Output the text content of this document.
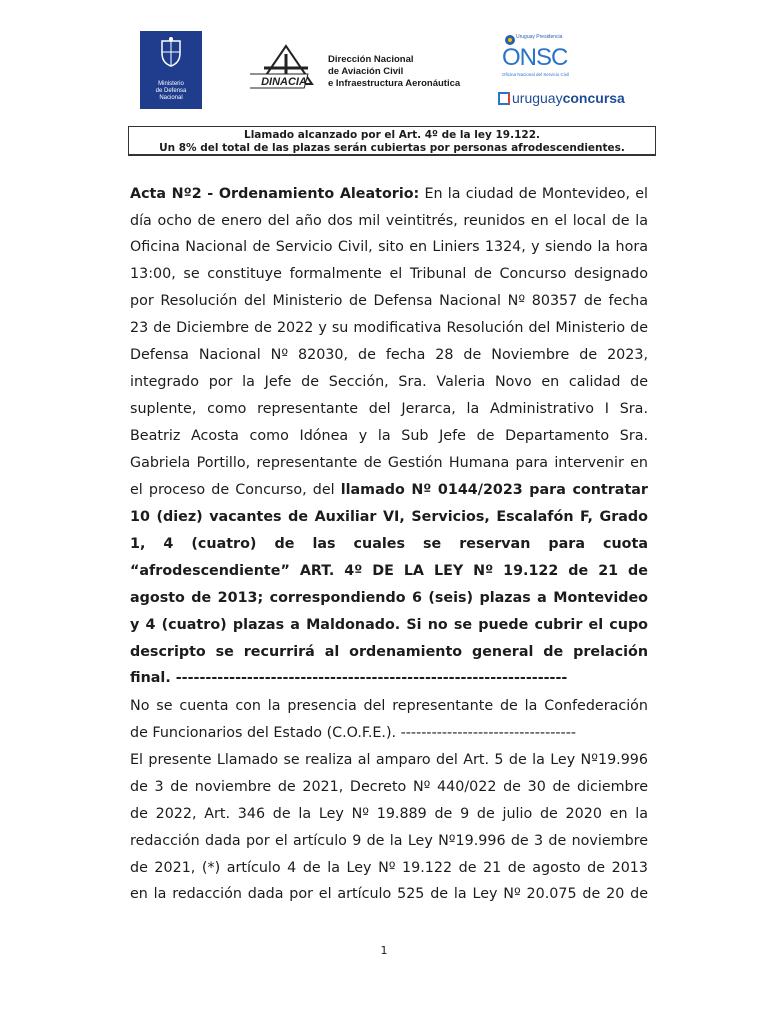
Ministerio
de Defensa
Nacional
DINACIA
Dirección Nacional
de Aviación Civil
e Infraestructura Aeronáutica
Uruguay Presidencia
ONSC
Oficina Nacional del Servicio Civil
uruguayconcursa
Llamado alcanzado por el Art. 4º de la ley 19.122.
Un 8% del total de las plazas serán cubiertas por personas afrodescendientes.
Acta Nº2 - Ordenamiento Aleatorio: En la ciudad de Montevideo, el
día ocho de enero del año dos mil veintitrés, reunidos en el local de la
Oficina Nacional de Servicio Civil, sito en Liniers 1324, y siendo la hora
13:00, se constituye formalmente el Tribunal de Concurso designado
por Resolución del Ministerio de Defensa Nacional Nº 80357 de fecha
23 de Diciembre de 2022 y su modificativa Resolución del Ministerio de
Defensa Nacional Nº 82030, de fecha 28 de Noviembre de 2023,
integrado por la Jefe de Sección, Sra. Valeria Novo en calidad de
suplente, como representante del Jerarca, la Administrativo I Sra.
Beatriz Acosta como Idónea y la Sub Jefe de Departamento Sra.
Gabriela Portillo, representante de Gestión Humana para intervenir en
el proceso de Concurso, del llamado Nº 0144/2023 para contratar
10 (diez) vacantes de Auxiliar VI, Servicios, Escalafón F, Grado
1, 4 (cuatro) de las cuales se reservan para cuota
“afrodescendiente” ART. 4º DE LA LEY Nº 19.122 de 21 de
agosto de 2013; correspondiendo 6 (seis) plazas a Montevideo
y 4 (cuatro) plazas a Maldonado. Si no se puede cubrir el cupo
descripto se recurrirá al ordenamiento general de prelación
final. ------------------------------------------------------------------
No se cuenta con la presencia del representante de la Confederación
de Funcionarios del Estado (C.O.F.E.). ----------------------------------
El presente Llamado se realiza al amparo del Art. 5 de la Ley Nº19.996
de 3 de noviembre de 2021, Decreto Nº 440/022 de 30 de diciembre
de 2022, Art. 346 de la Ley Nº 19.889 de 9 de julio de 2020 en la
redacción dada por el artículo 9 de la Ley Nº19.996 de 3 de noviembre
de 2021, (*) artículo 4 de la Ley Nº 19.122 de 21 de agosto de 2013
en la redacción dada por el artículo 525 de la Ley Nº 20.075 de 20 de
1
